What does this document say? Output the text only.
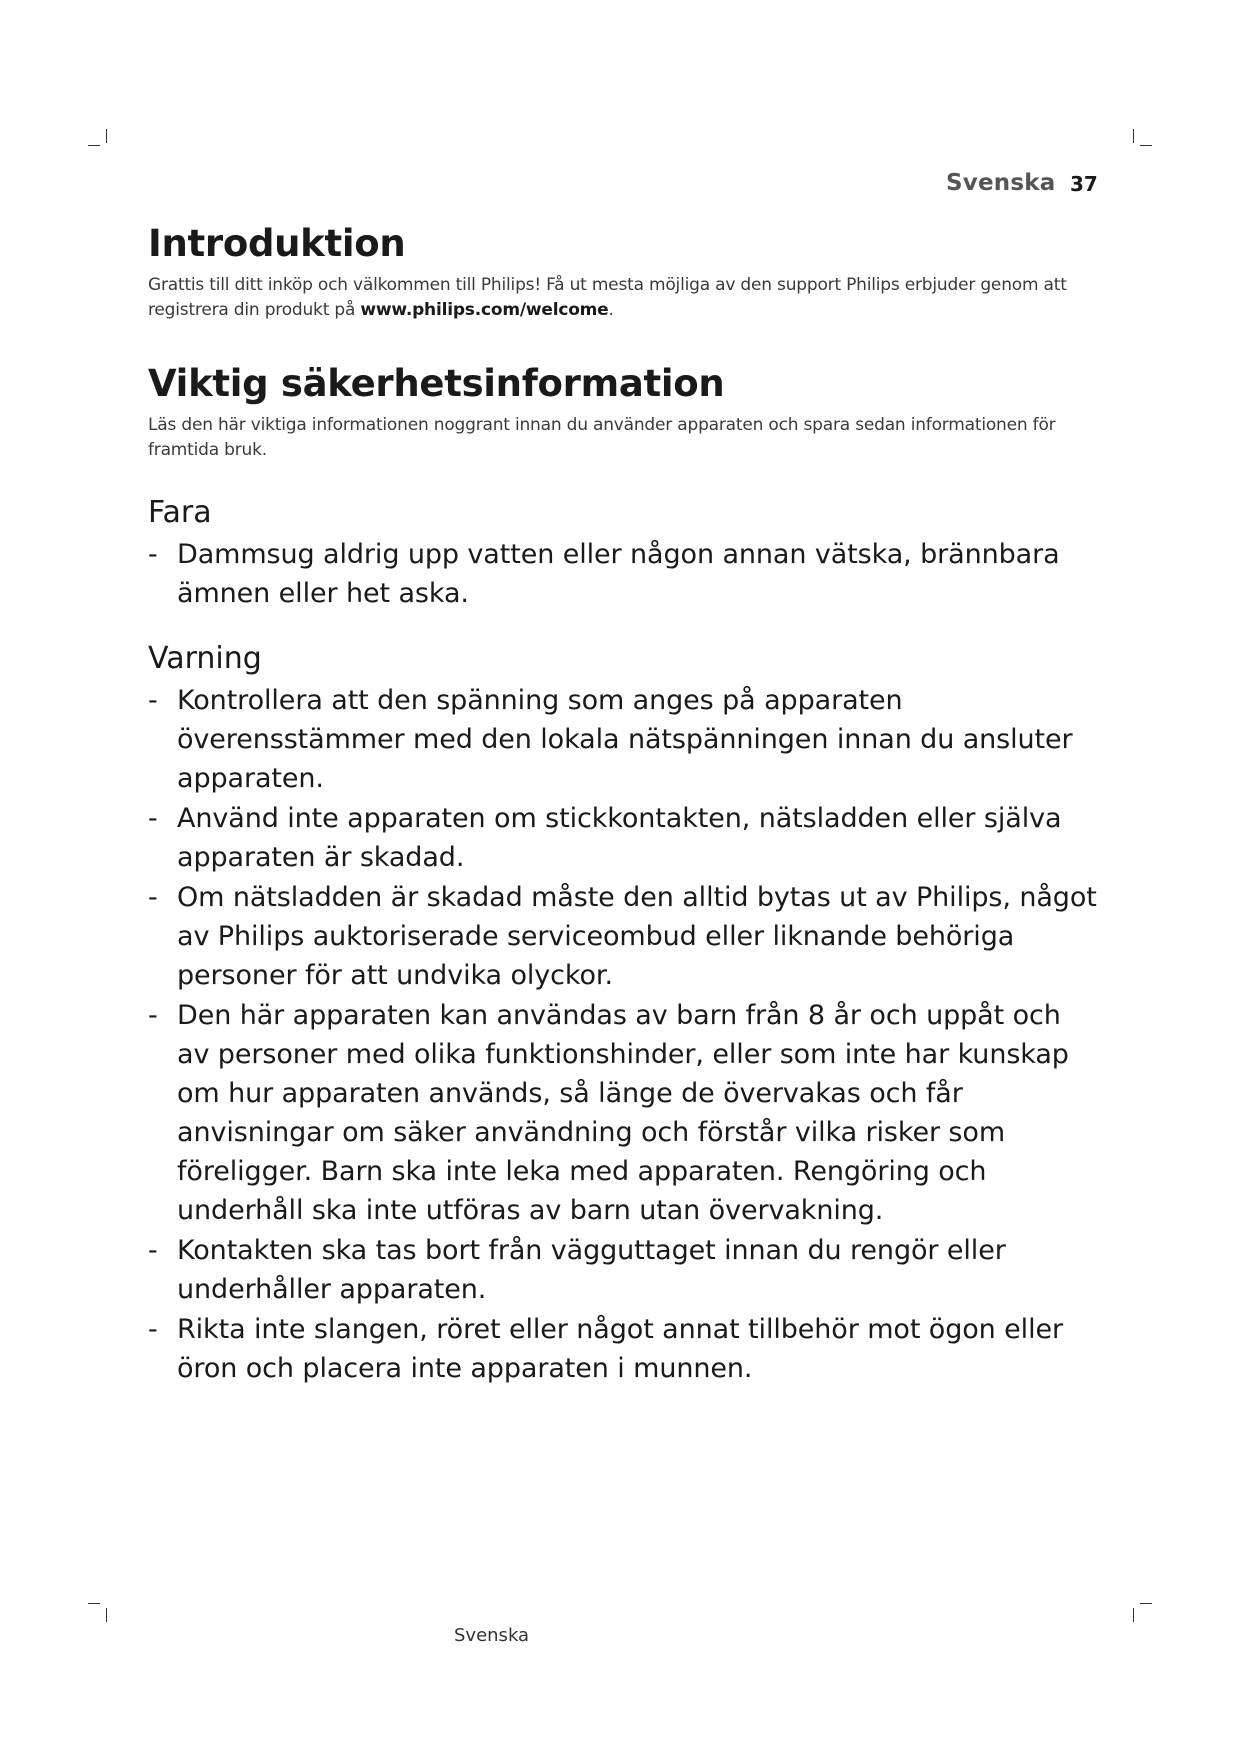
Svenska 37
Introduktion

Grattis till ditt inköp och välkommen till Philips! Få ut mesta möjliga av den support Philips erbjuder genom att registrera din produkt på www.philips.com/welcome.

Viktig säkerhetsinformation

Läs den här viktiga informationen noggrant innan du använder apparaten och spara sedan informationen för framtida bruk.

Fara
- Dammsug aldrig upp vatten eller någon annan vätska, brännbara ämnen eller het aska.
Varning
- Kontrollera att den spänning som anges på apparaten överensstämmer med den lokala nätspänningen innan du ansluter apparaten.
- Använd inte apparaten om stickkontakten, nätsladden eller själva apparaten är skadad.
- Om nätsladden är skadad måste den alltid bytas ut av Philips, något av Philips auktoriserade serviceombud eller liknande behöriga personer för att undvika olyckor.
- Den här apparaten kan användas av barn från 8 år och uppåt och av personer med olika funktionshinder, eller som inte har kunskap om hur apparaten används, så länge de övervakas och får anvisningar om säker användning och förstår vilka risker som föreligger. Barn ska inte leka med apparaten. Rengöring och underhåll ska inte utföras av barn utan övervakning.
- Kontakten ska tas bort från vägguttaget innan du rengör eller underhåller apparaten.
- Rikta inte slangen, röret eller något annat tillbehör mot ögon eller öron och placera inte apparaten i munnen.
Svenska
